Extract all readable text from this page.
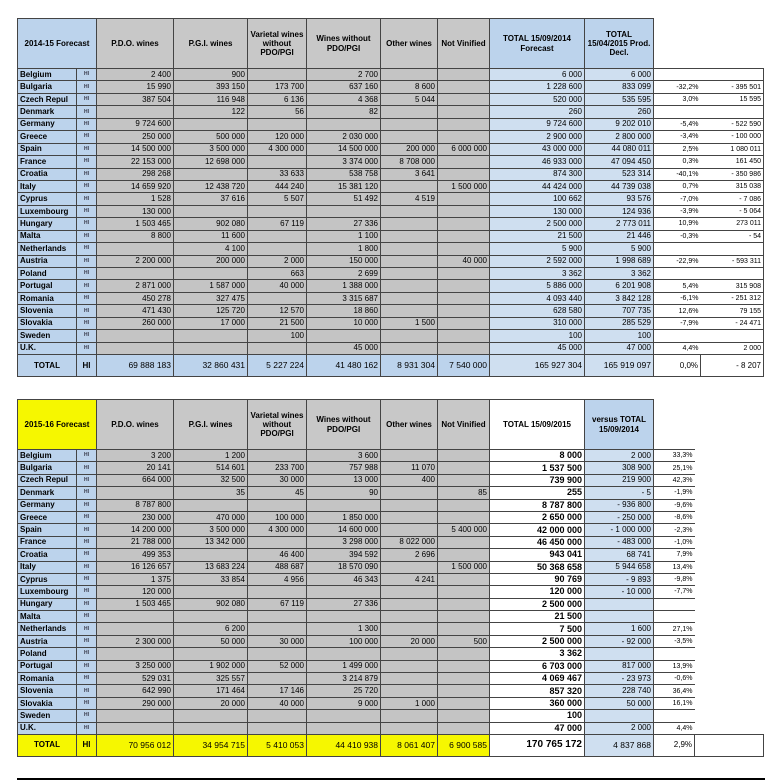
2014-15 Forecast		P.D.O. wines	P.G.I. wines	Varietal wines without PDO/PGI	Wines without PDO/PGI	Other wines	Not Vinified	TOTAL 15/09/2014 Forecast	TOTAL 15/04/2015 Prod. Decl.		
Belgium	Hl	2 400	900		2 700			6 000	6 000		
Bulgaria	Hl	15 990	393 150	173 700	637 160	8 600		1 228 600	833 099	-32,2%	- 395 501
Czech Repul	Hl	387 504	116 948	6 136	4 368	5 044		520 000	535 595	3,0%	15 595
Denmark	Hl		122	56	82			260	260		
Germany	Hl	9 724 600						9 724 600	9 202 010	-5,4%	- 522 590
Greece	Hl	250 000	500 000	120 000	2 030 000			2 900 000	2 800 000	-3,4%	- 100 000
Spain	Hl	14 500 000	3 500 000	4 300 000	14 500 000	200 000	6 000 000	43 000 000	44 080 011	2,5%	1 080 011
France	Hl	22 153 000	12 698 000		3 374 000	8 708 000		46 933 000	47 094 450	0,3%	161 450
Croatia	Hl	298 268		33 633	538 758	3 641		874 300	523 314	-40,1%	- 350 986
Italy	Hl	14 659 920	12 438 720	444 240	15 381 120		1 500 000	44 424 000	44 739 038	0,7%	315 038
Cyprus	Hl	1 528	37 616	5 507	51 492	4 519		100 662	93 576	-7,0%	- 7 086
Luxembourg	Hl	130 000						130 000	124 936	-3,9%	- 5 064
Hungary	Hl	1 503 465	902 080	67 119	27 336			2 500 000	2 773 011	10,9%	273 011
Malta	Hl	8 800	11 600		1 100			21 500	21 446	-0,3%	- 54
Netherlands	Hl		4 100		1 800			5 900	5 900		
Austria	Hl	2 200 000	200 000	2 000	150 000		40 000	2 592 000	1 998 689	-22,9%	- 593 311
Poland	Hl			663	2 699			3 362	3 362		
Portugal	Hl	2 871 000	1 587 000	40 000	1 388 000			5 886 000	6 201 908	5,4%	315 908
Romania	Hl	450 278	327 475		3 315 687			4 093 440	3 842 128	-6,1%	- 251 312
Slovenia	Hl	471 430	125 720	12 570	18 860			628 580	707 735	12,6%	79 155
Slovakia	Hl	260 000	17 000	21 500	10 000	1 500		310 000	285 529	-7,9%	- 24 471
Sweden	Hl			100				100	100		
U.K.	Hl				45 000			45 000	47 000	4,4%	2 000
TOTAL	Hl	69 888 183	32 860 431	5 227 224	41 480 162	8 931 304	7 540 000	165 927 304	165 919 097	0,0%	- 8 207
2015-16 Forecast		P.D.O. wines	P.G.I. wines	Varietal wines without PDO/PGI	Wines without PDO/PGI	Other wines	Not Vinified	TOTAL 15/09/2015	versus TOTAL 15/09/2014		
Belgium	Hl	3 200	1 200		3 600			8 000	2 000	33,3%	
Bulgaria	Hl	20 141	514 601	233 700	757 988	11 070		1 537 500	308 900	25,1%	
Czech Repul	Hl	664 000	32 500	30 000	13 000	400		739 900	219 900	42,3%	
Denmark	Hl		35	45	90		85	255	- 5	-1,9%	
Germany	Hl	8 787 800						8 787 800	- 936 800	-9,6%	
Greece	Hl	230 000	470 000	100 000	1 850 000			2 650 000	- 250 000	-8,6%	
Spain	Hl	14 200 000	3 500 000	4 300 000	14 600 000		5 400 000	42 000 000	- 1 000 000	-2,3%	
France	Hl	21 788 000	13 342 000		3 298 000	8 022 000		46 450 000	- 483 000	-1,0%	
Croatia	Hl	499 353		46 400	394 592	2 696		943 041	68 741	7,9%	
Italy	Hl	16 126 657	13 683 224	488 687	18 570 090		1 500 000	50 368 658	5 944 658	13,4%	
Cyprus	Hl	1 375	33 854	4 956	46 343	4 241		90 769	- 9 893	-9,8%	
Luxembourg	Hl	120 000						120 000	- 10 000	-7,7%	
Hungary	Hl	1 503 465	902 080	67 119	27 336			2 500 000			
Malta	Hl							21 500			
Netherlands	Hl		6 200		1 300			7 500	1 600	27,1%	
Austria	Hl	2 300 000	50 000	30 000	100 000	20 000	500	2 500 000	- 92 000	-3,5%	
Poland	Hl							3 362			
Portugal	Hl	3 250 000	1 902 000	52 000	1 499 000			6 703 000	817 000	13,9%	
Romania	Hl	529 031	325 557		3 214 879			4 069 467	- 23 973	-0,6%	
Slovenia	Hl	642 990	171 464	17 146	25 720			857 320	228 740	36,4%	
Slovakia	Hl	290 000	20 000	40 000	9 000	1 000		360 000	50 000	16,1%	
Sweden	Hl							100			
U.K.	Hl							47 000	2 000	4,4%	
TOTAL	Hl	70 956 012	34 954 715	5 410 053	44 410 938	8 061 407	6 900 585	170 765 172	4 837 868	2,9%	
